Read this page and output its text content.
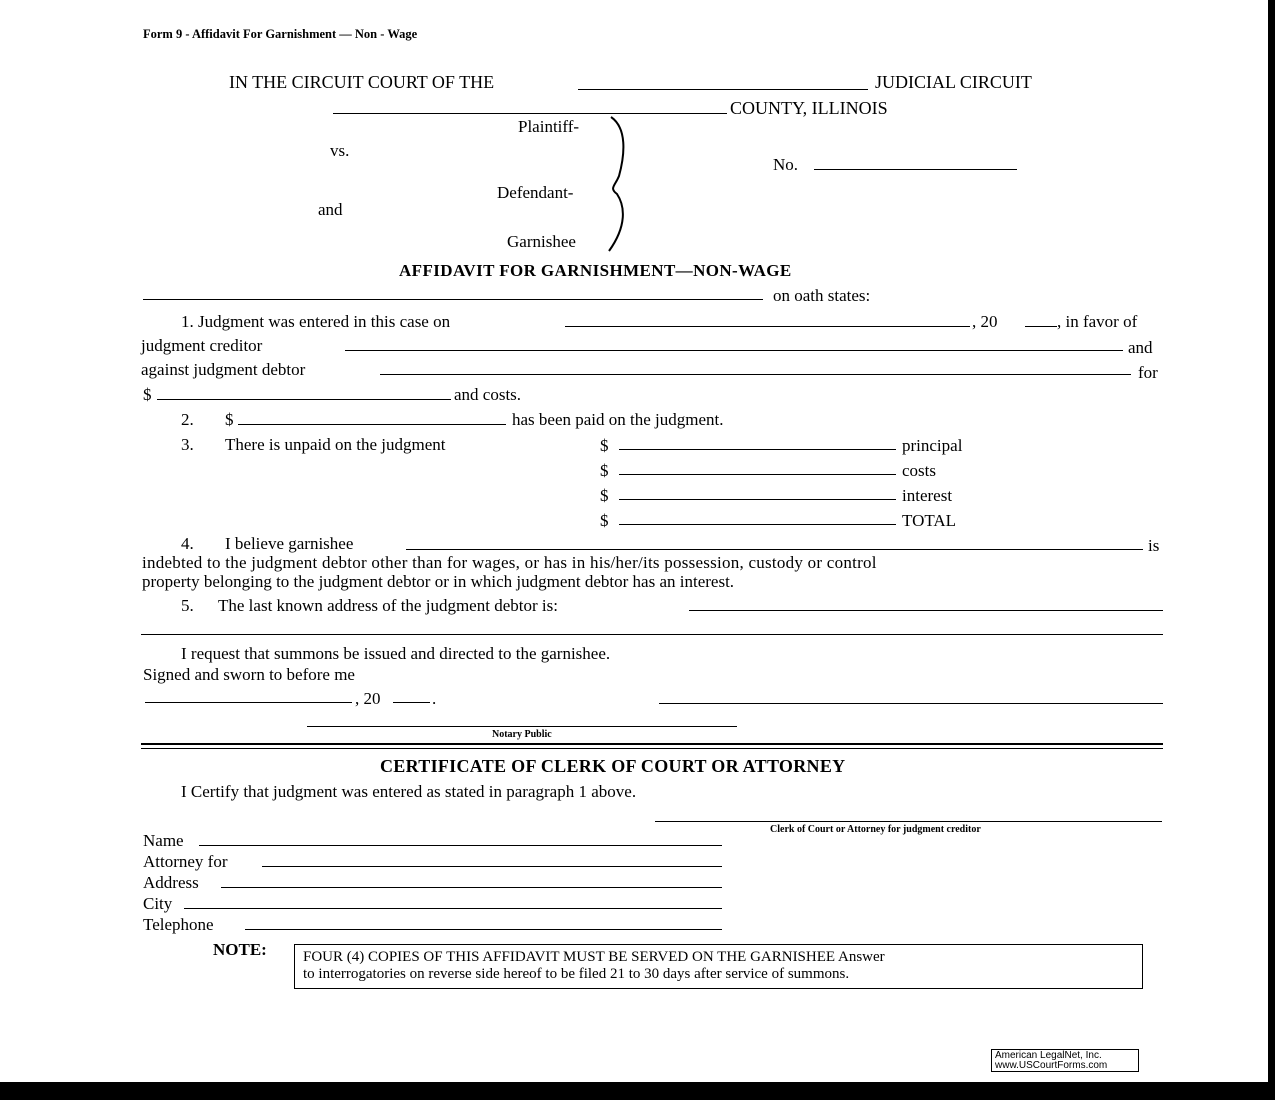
Form 9 - Affidavit For Garnishment — Non - Wage
IN THE CIRCUIT COURT OF THE	JUDICIAL CIRCUIT
COUNTY, ILLINOIS
Plaintiff-
vs.
Defendant-
and
Garnishee
No.
AFFIDAVIT FOR GARNISHMENT—NON-WAGE
on oath states:
1. Judgment was entered in this case on	, 20	, in favor of
judgment creditor	and
against judgment debtor	for
$	and costs.
2. $	has been paid on the judgment.
3. There is unpaid on the judgment	$	principal
$	costs
$	interest
$	TOTAL
4. I believe garnishee	is
indebted to the judgment debtor other than for wages, or has in his/her/its possession, custody or control
property belonging to the judgment debtor or in which judgment debtor has an interest.
5. The last known address of the judgment debtor is:
I request that summons be issued and directed to the garnishee.
Signed and sworn to before me
, 20	.
Notary Public
CERTIFICATE OF CLERK OF COURT OR ATTORNEY
I Certify that judgment was entered as stated in paragraph 1 above.
Clerk of Court or Attorney for judgment creditor
Name
Attorney for
Address
City
Telephone
NOTE: FOUR (4) COPIES OF THIS AFFIDAVIT MUST BE SERVED ON THE GARNISHEE Answer
to interrogatories on reverse side hereof to be filed 21 to 30 days after service of summons.
American LegalNet, Inc.
www.USCourtForms.com
